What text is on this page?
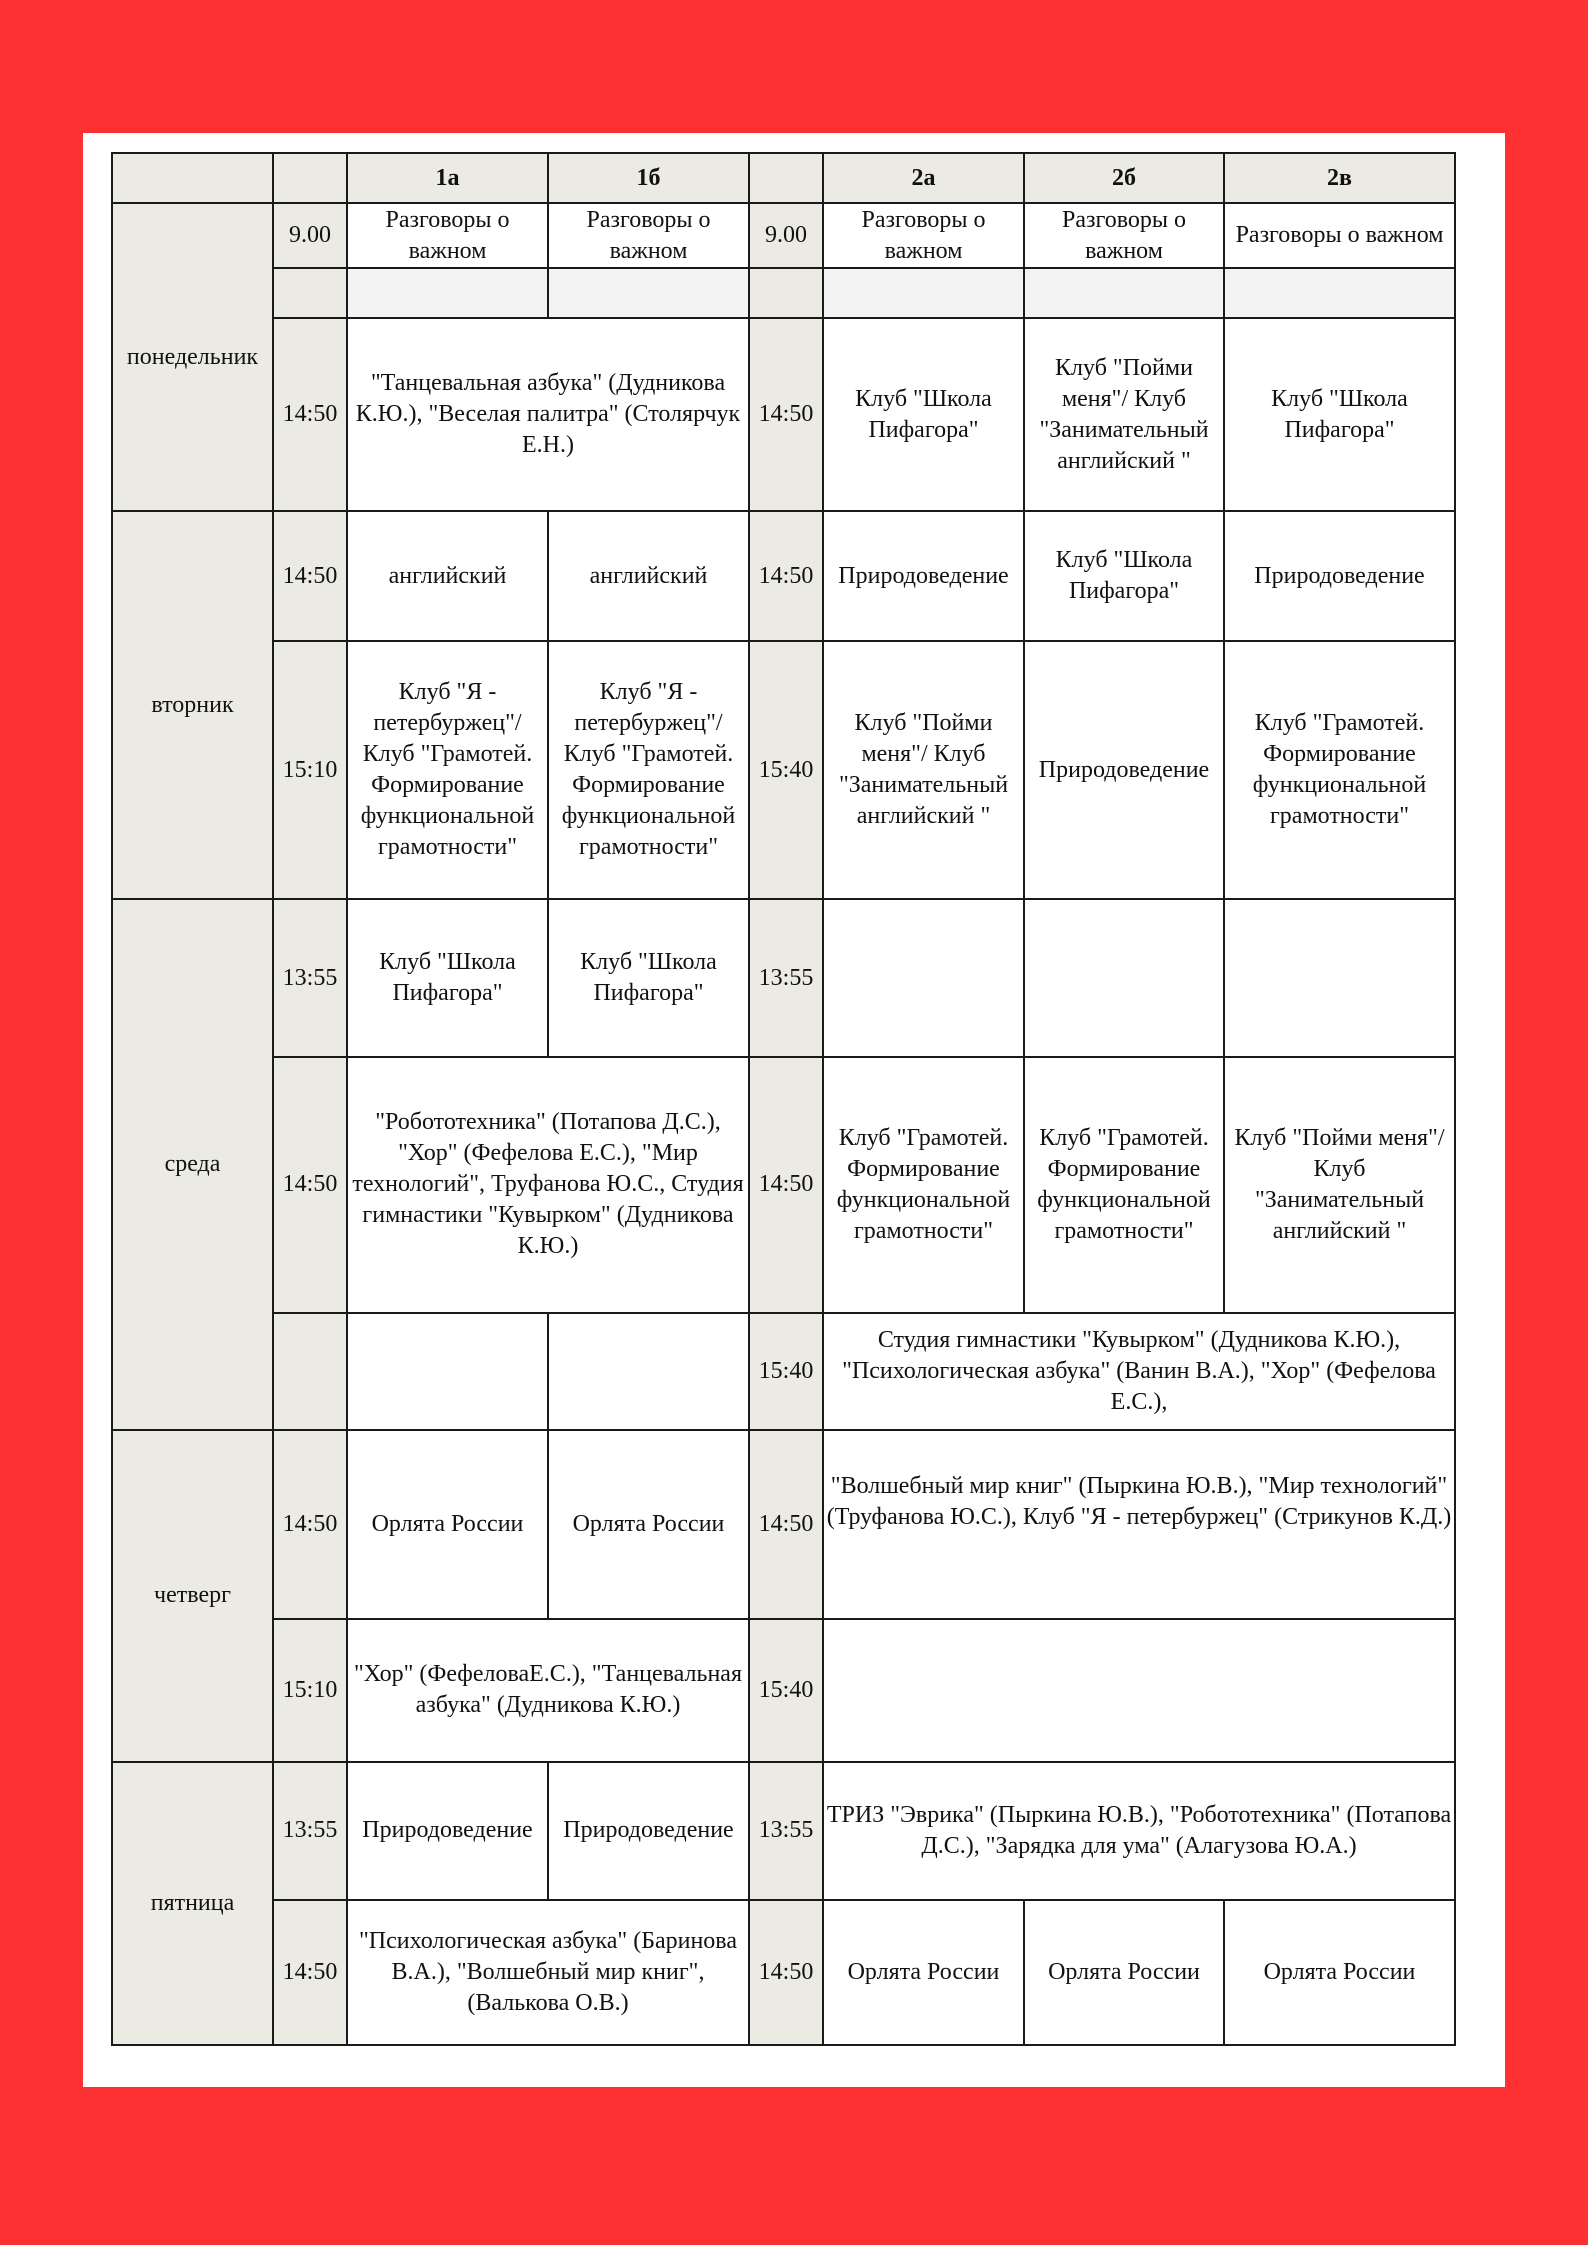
		1а	1б		2а	2б	2в
понедельник	9.00	Разговоры о важном	Разговоры о важном	9.00	Разговоры о важном	Разговоры о важном	Разговоры о важном

	14:50	"Танцевальная азбука" (Дудникова К.Ю.), "Веселая палитра" (Столярчук Е.Н.)		14:50	Клуб "Школа Пифагора"	Клуб "Пойми меня"/ Клуб "Занимательный английский "	Клуб "Школа Пифагора"
вторник	14:50	английский	английский	14:50	Природоведение	Клуб "Школа Пифагора"	Природоведение
	15:10	Клуб "Я - петербуржец"/ Клуб "Грамотей. Формирование функциональной грамотности"	Клуб "Я - петербуржец"/ Клуб "Грамотей. Формирование функциональной грамотности"	15:40	Клуб "Пойми меня"/ Клуб "Занимательный английский "	Природоведение	Клуб "Грамотей. Формирование функциональной грамотности"
среда	13:55	Клуб "Школа Пифагора"	Клуб "Школа Пифагора"	13:55			
	14:50	"Робототехника" (Потапова Д.С.), "Хор" (Фефелова Е.С.), "Мир технологий", Труфанова Ю.С., Студия гимнастики "Кувырком" (Дудникова К.Ю.)		14:50	Клуб "Грамотей. Формирование функциональной грамотности"	Клуб "Грамотей. Формирование функциональной грамотности"	Клуб "Пойми меня"/ Клуб "Занимательный английский "
				15:40	Студия гимнастики "Кувырком" (Дудникова К.Ю.), "Психологическая азбука" (Ванин В.А.), "Хор" (Фефелова Е.С.),		
четверг	14:50	Орлята России	Орлята России	14:50	"Волшебный мир книг" (Пыркина Ю.В.), "Мир технологий" (Труфанова Ю.С.), Клуб "Я - петербуржец" (Стрикунов К.Д.)		
	15:10	"Хор" (ФефеловаЕ.С.), "Танцевальная азбука" (Дудникова К.Ю.)		15:40			
пятница	13:55	Природоведение	Природоведение	13:55	ТРИЗ "Эврика" (Пыркина Ю.В.), "Робототехника" (Потапова Д.С.), "Зарядка для ума" (Алагузова Ю.А.)		
	14:50	"Психологическая азбука" (Баринова В.А.), "Волшебный мир книг", (Валькова О.В.)		14:50	Орлята России	Орлята России	Орлята России
